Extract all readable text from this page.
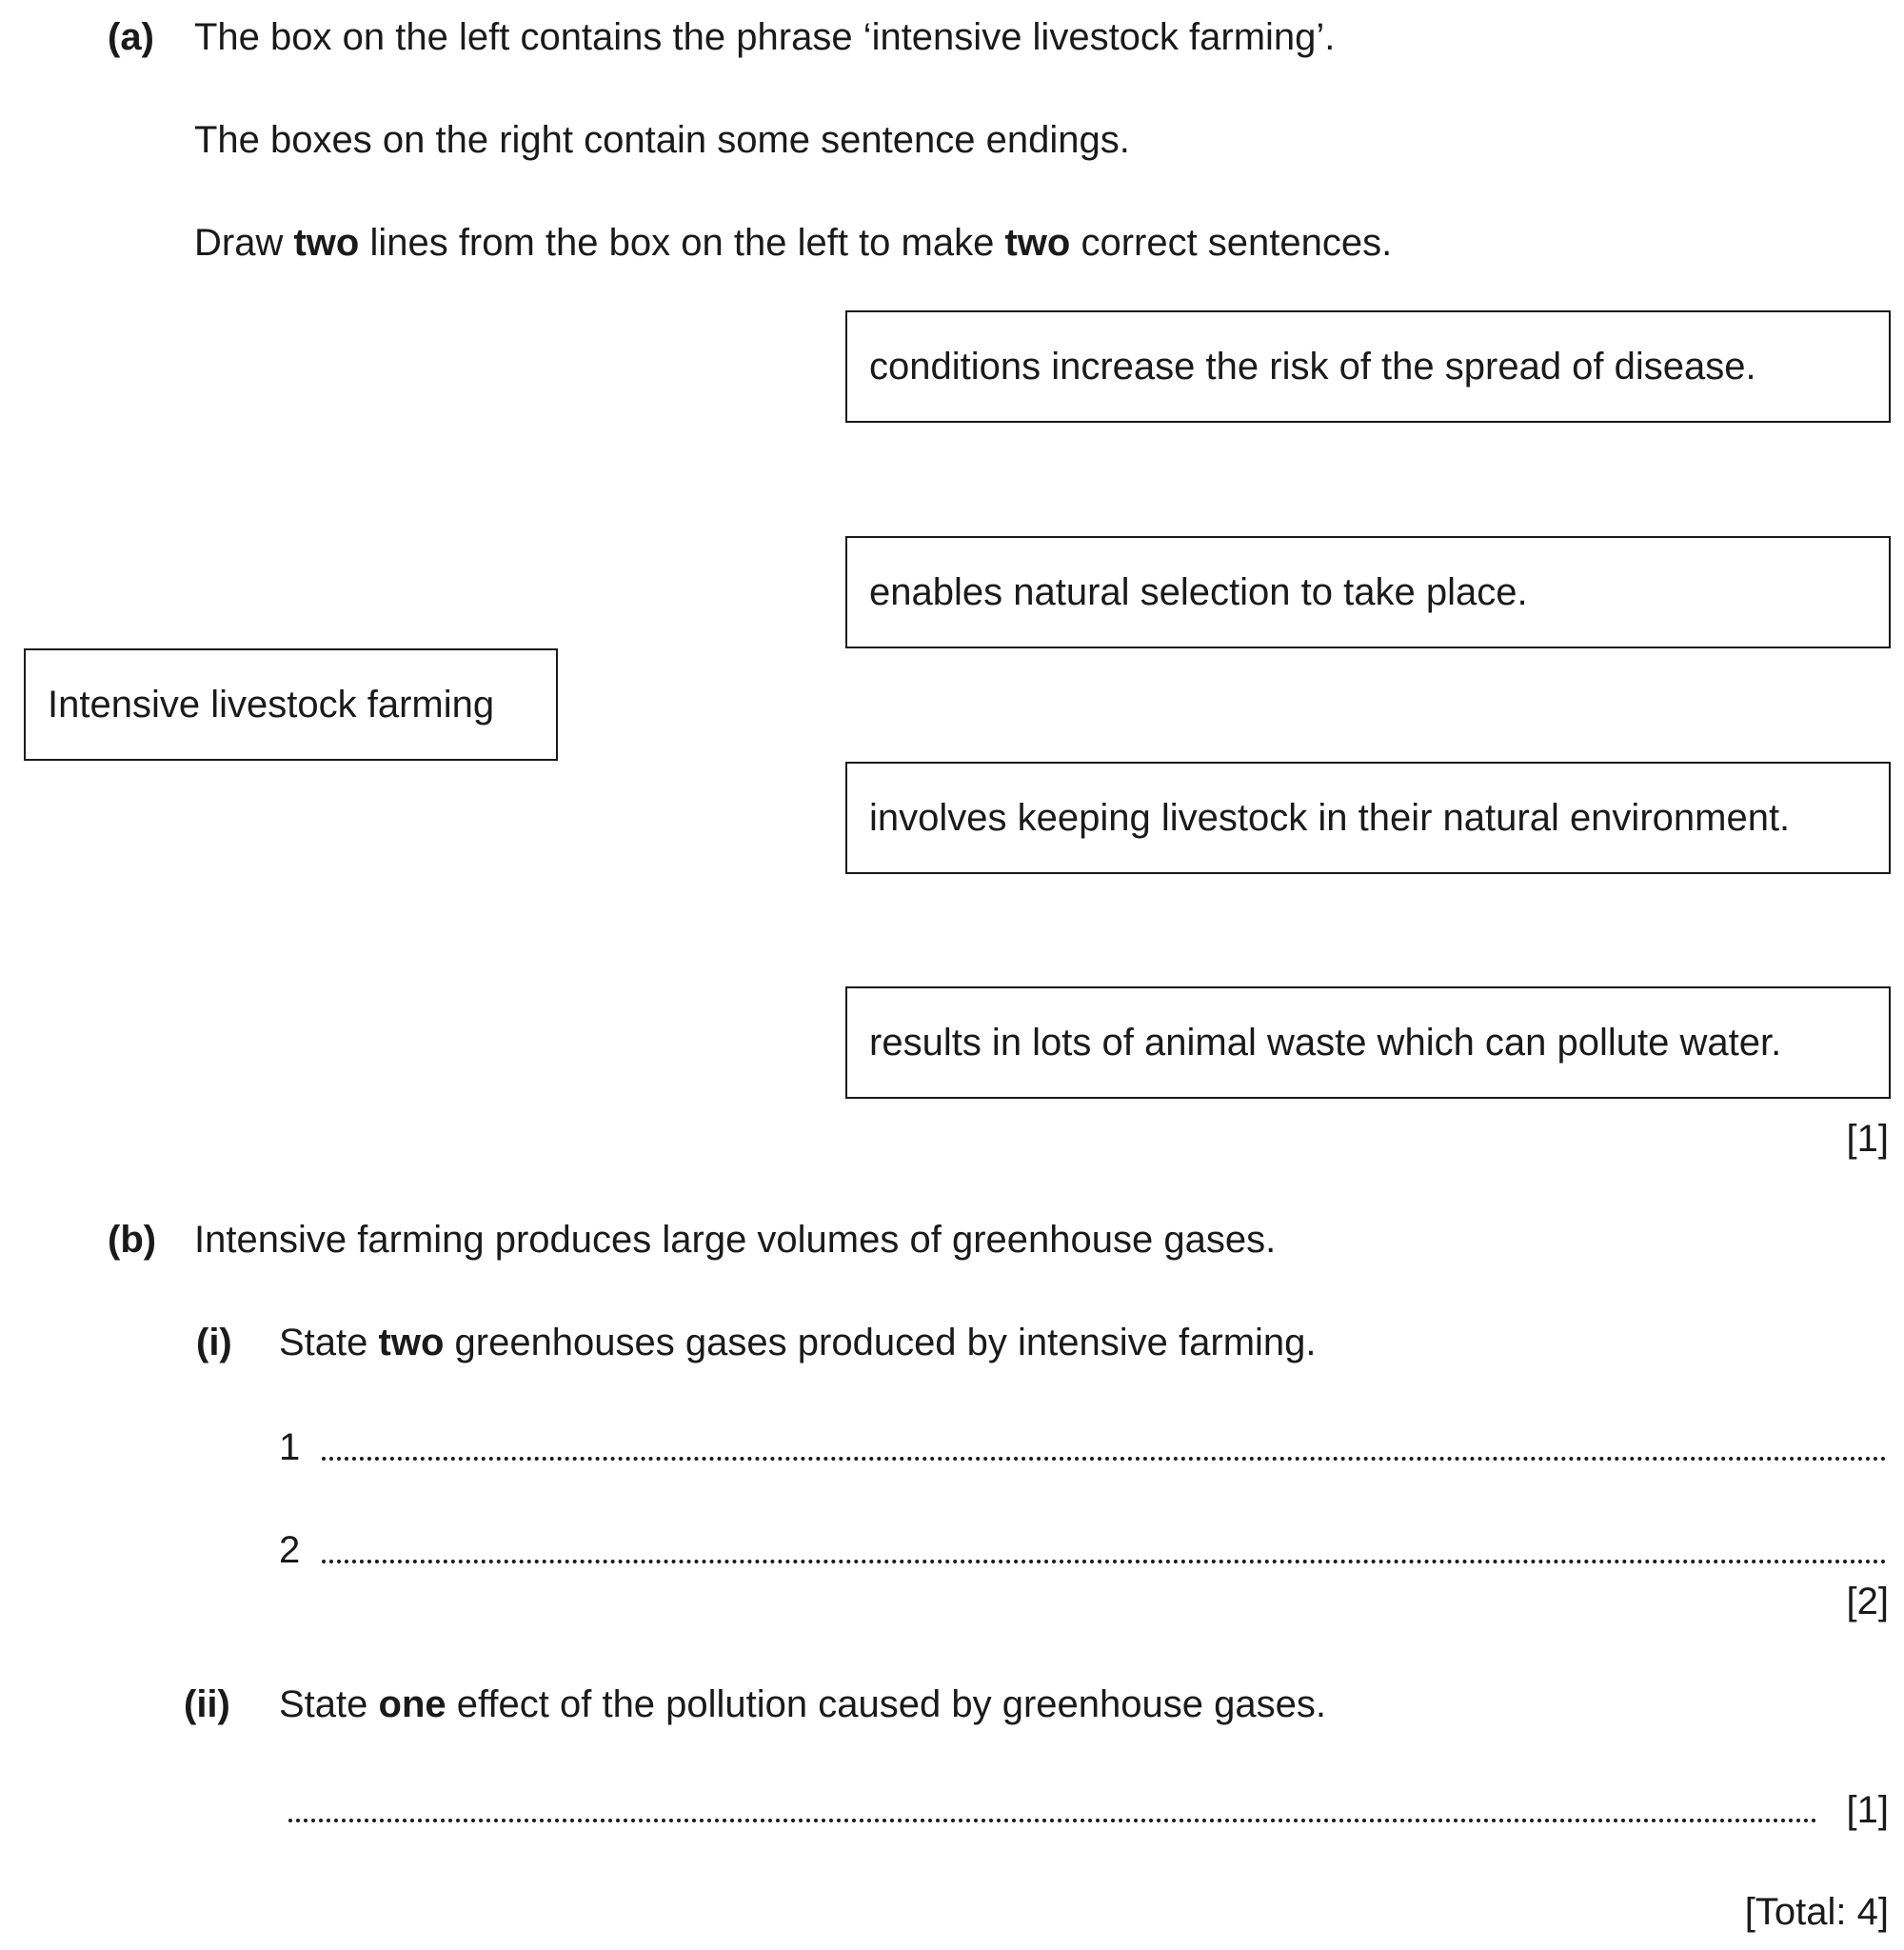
(a) The box on the left contains the phrase ‘intensive livestock farming’.
The boxes on the right contain some sentence endings.
Draw two lines from the box on the left to make two correct sentences.
conditions increase the risk of the spread of disease.
enables natural selection to take place.
Intensive livestock farming
involves keeping livestock in their natural environment.
results in lots of animal waste which can pollute water.
[1]
(b) Intensive farming produces large volumes of greenhouse gases.
(i) State two greenhouses gases produced by intensive farming.
1
2
[2]
(ii) State one effect of the pollution caused by greenhouse gases.
[1]
[Total: 4]
